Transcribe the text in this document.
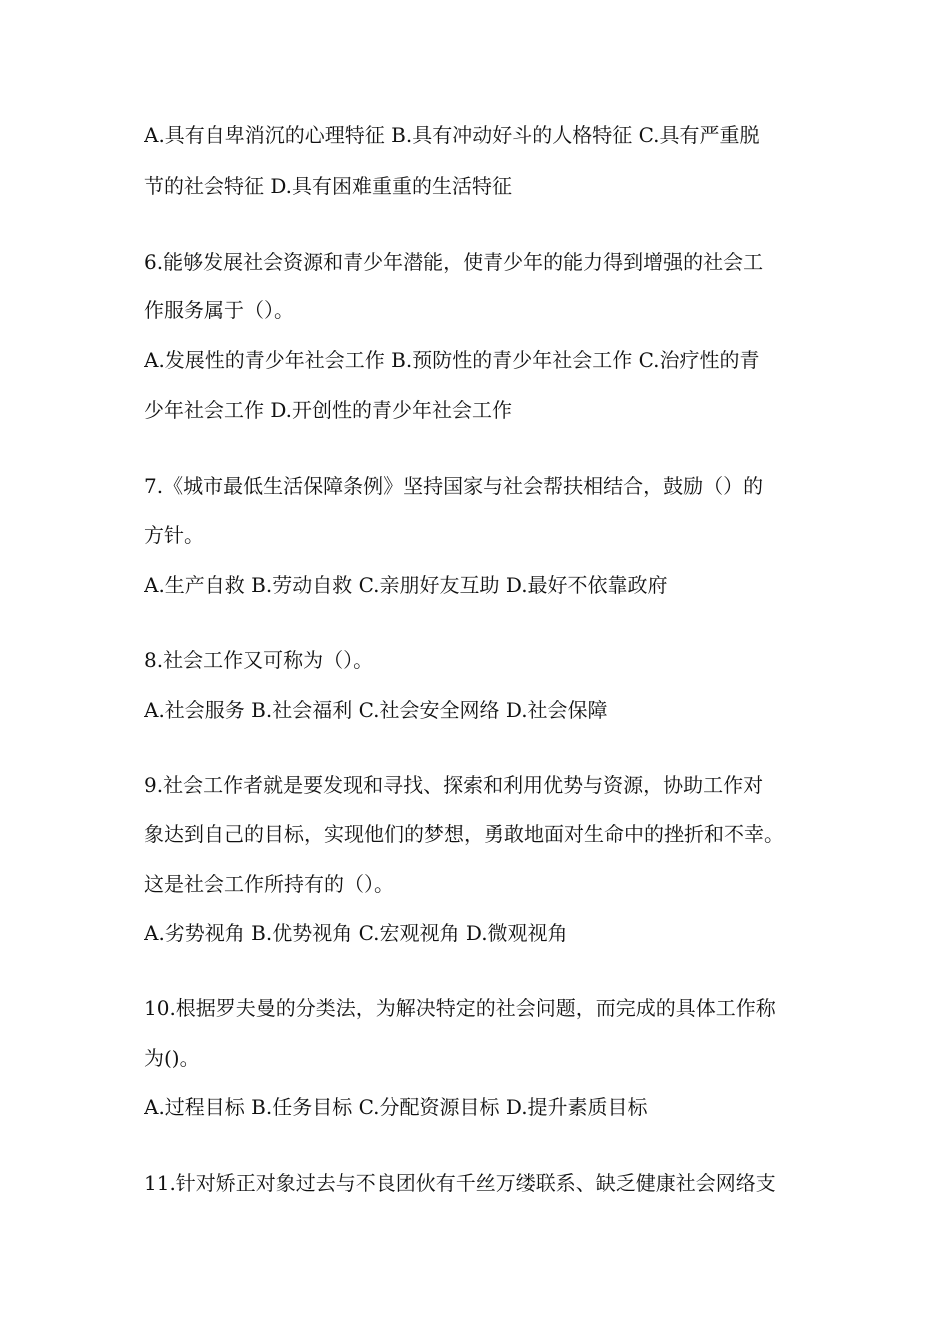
A.具有自卑消沉的心理特征 B.具有冲动好斗的人格特征 C.具有严重脱
节的社会特征 D.具有困难重重的生活特征
6.能够发展社会资源和青少年潜能，使青少年的能力得到增强的社会工
作服务属于（）。
A.发展性的青少年社会工作 B.预防性的青少年社会工作 C.治疗性的青
少年社会工作 D.开创性的青少年社会工作
7.《城市最低生活保障条例》坚持国家与社会帮扶相结合，鼓励（）的
方针。
A.生产自救 B.劳动自救 C.亲朋好友互助 D.最好不依靠政府
8.社会工作又可称为（）。
A.社会服务 B.社会福利 C.社会安全网络 D.社会保障
9.社会工作者就是要发现和寻找、探索和利用优势与资源，协助工作对
象达到自己的目标，实现他们的梦想，勇敢地面对生命中的挫折和不幸。
这是社会工作所持有的（）。
A.劣势视角 B.优势视角 C.宏观视角 D.微观视角
10.根据罗夫曼的分类法，为解决特定的社会问题，而完成的具体工作称
为()。
A.过程目标 B.任务目标 C.分配资源目标 D.提升素质目标
11.针对矫正对象过去与不良团伙有千丝万缕联系、缺乏健康社会网络支
